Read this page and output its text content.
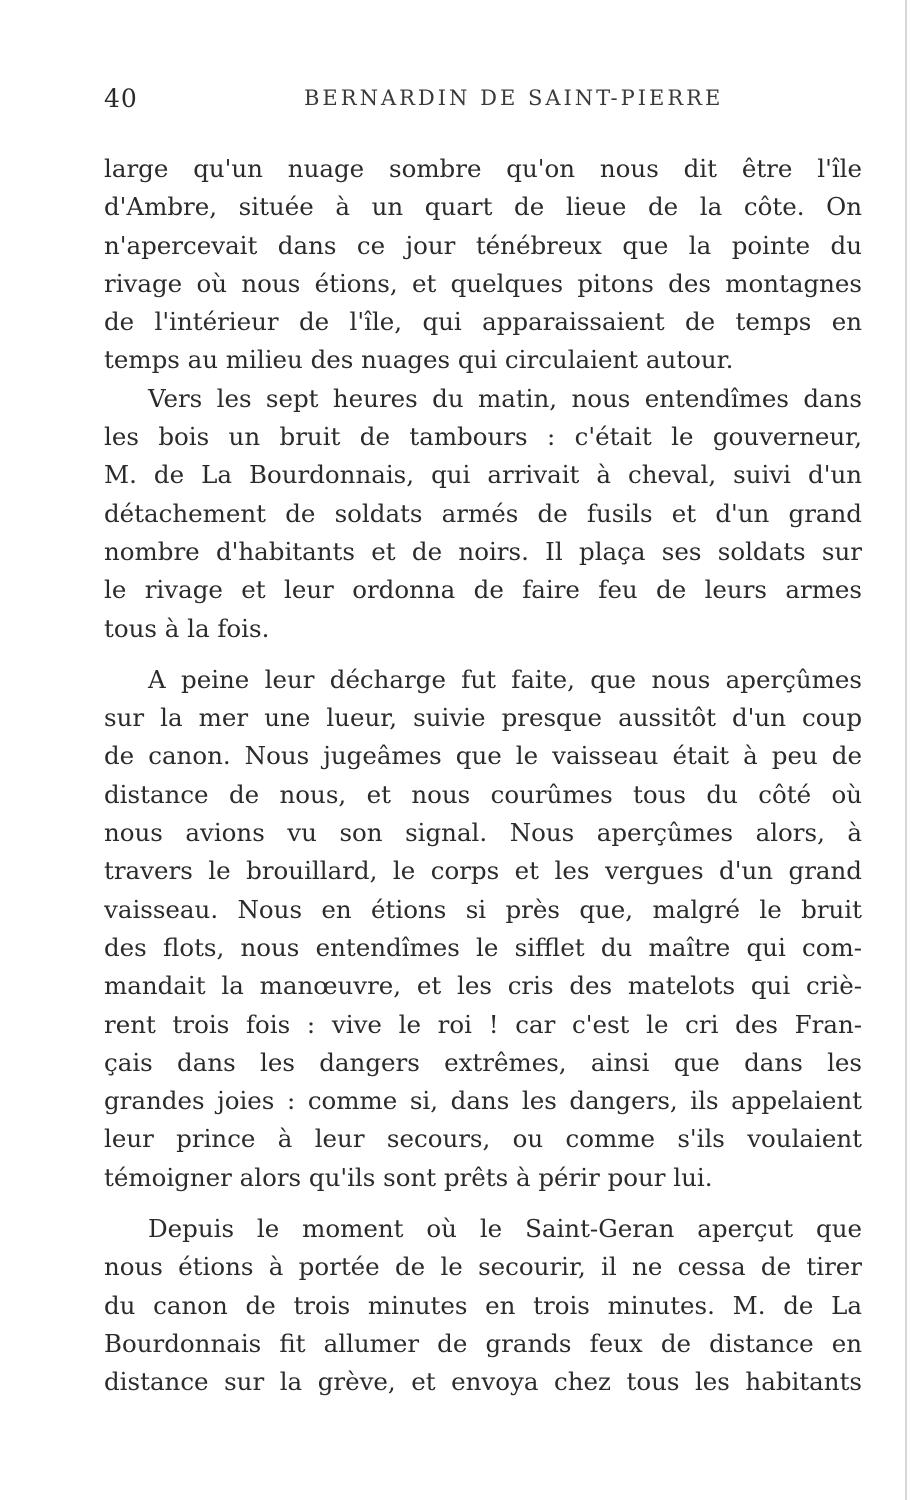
40	BERNARDIN DE SAINT-PIERRE
large qu'un nuage sombre qu'on nous dit être l'île
d'Ambre, située à un quart de lieue de la côte. On
n'apercevait dans ce jour ténébreux que la pointe du
rivage où nous étions, et quelques pitons des montagnes
de l'intérieur de l'île, qui apparaissaient de temps en
temps au milieu des nuages qui circulaient autour.
Vers les sept heures du matin, nous entendîmes dans
les bois un bruit de tambours : c'était le gouverneur,
M. de La Bourdonnais, qui arrivait à cheval, suivi d'un
détachement de soldats armés de fusils et d'un grand
nombre d'habitants et de noirs. Il plaça ses soldats sur
le rivage et leur ordonna de faire feu de leurs armes
tous à la fois.
A peine leur décharge fut faite, que nous aperçûmes
sur la mer une lueur, suivie presque aussitôt d'un coup
de canon. Nous jugeâmes que le vaisseau était à peu de
distance de nous, et nous courûmes tous du côté où
nous avions vu son signal. Nous aperçûmes alors, à
travers le brouillard, le corps et les vergues d'un grand
vaisseau. Nous en étions si près que, malgré le bruit
des flots, nous entendîmes le sifflet du maître qui com-
mandait la manœuvre, et les cris des matelots qui criè-
rent trois fois : vive le roi ! car c'est le cri des Fran-
çais dans les dangers extrêmes, ainsi que dans les
grandes joies : comme si, dans les dangers, ils appelaient
leur prince à leur secours, ou comme s'ils voulaient
témoigner alors qu'ils sont prêts à périr pour lui.
Depuis le moment où le Saint-Geran aperçut que
nous étions à portée de le secourir, il ne cessa de tirer
du canon de trois minutes en trois minutes. M. de La
Bourdonnais fit allumer de grands feux de distance en
distance sur la grève, et envoya chez tous les habitants
